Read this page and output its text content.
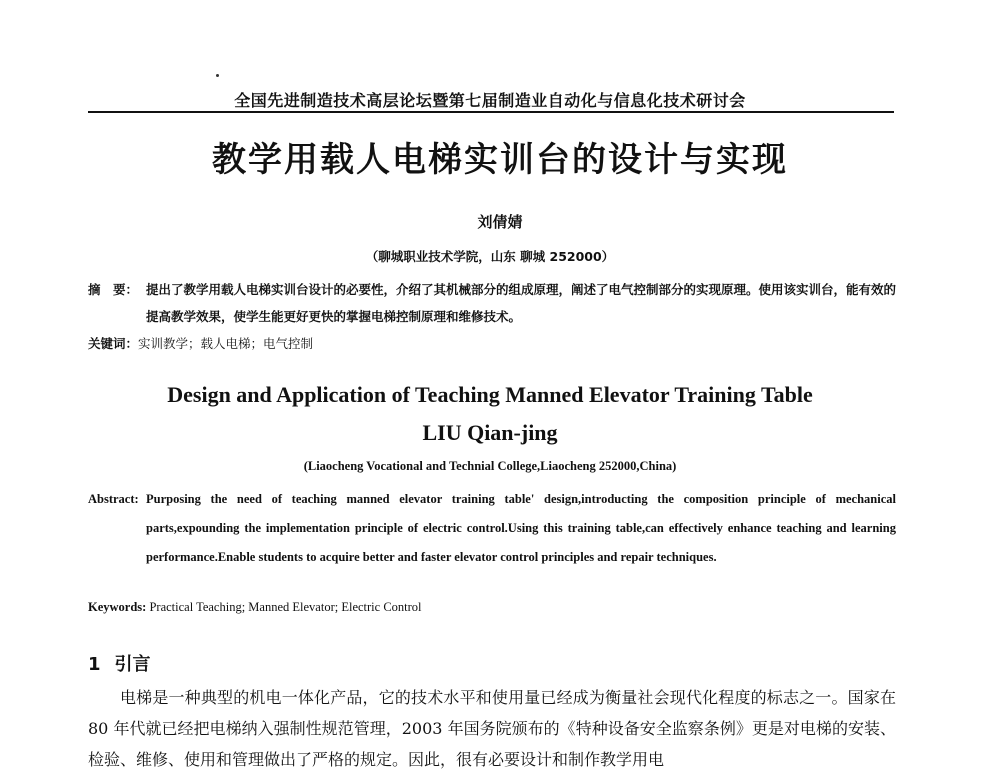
全国先进制造技术高层论坛暨第七届制造业自动化与信息化技术研讨会
教学用载人电梯实训台的设计与实现
刘倩婧
（聊城职业技术学院，山东 聊城 252000）
摘　要： 提出了教学用载人电梯实训台设计的必要性，介绍了其机械部分的组成原理，阐述了电气控制部分的实现原理。使用该实训台，能有效的提高教学效果，使学生能更好更快的掌握电梯控制原理和维修技术。
关键词：实训教学；载人电梯；电气控制
Design and Application of Teaching Manned Elevator Training Table
LIU Qian-jing
(Liaocheng Vocational and Technial College,Liaocheng 252000,China)
Abstract: Purposing the need of teaching manned elevator training table' design,introducting the composition principle of mechanical parts,expounding the implementation principle of electric control.Using this training table,can effectively enhance teaching and learning performance.Enable students to acquire better and faster elevator control principles and repair techniques.
Keywords: Practical Teaching; Manned Elevator; Electric Control
1 引言
电梯是一种典型的机电一体化产品，它的技术水平和使用量已经成为衡量社会现代化程度的标志之一。国家在 80 年代就已经把电梯纳入强制性规范管理，2003 年国务院颁布的《特种设备安全监察条例》更是对电梯的安装、检验、维修、使用和管理做出了严格的规定。因此，很有必要设计和制作教学用电
